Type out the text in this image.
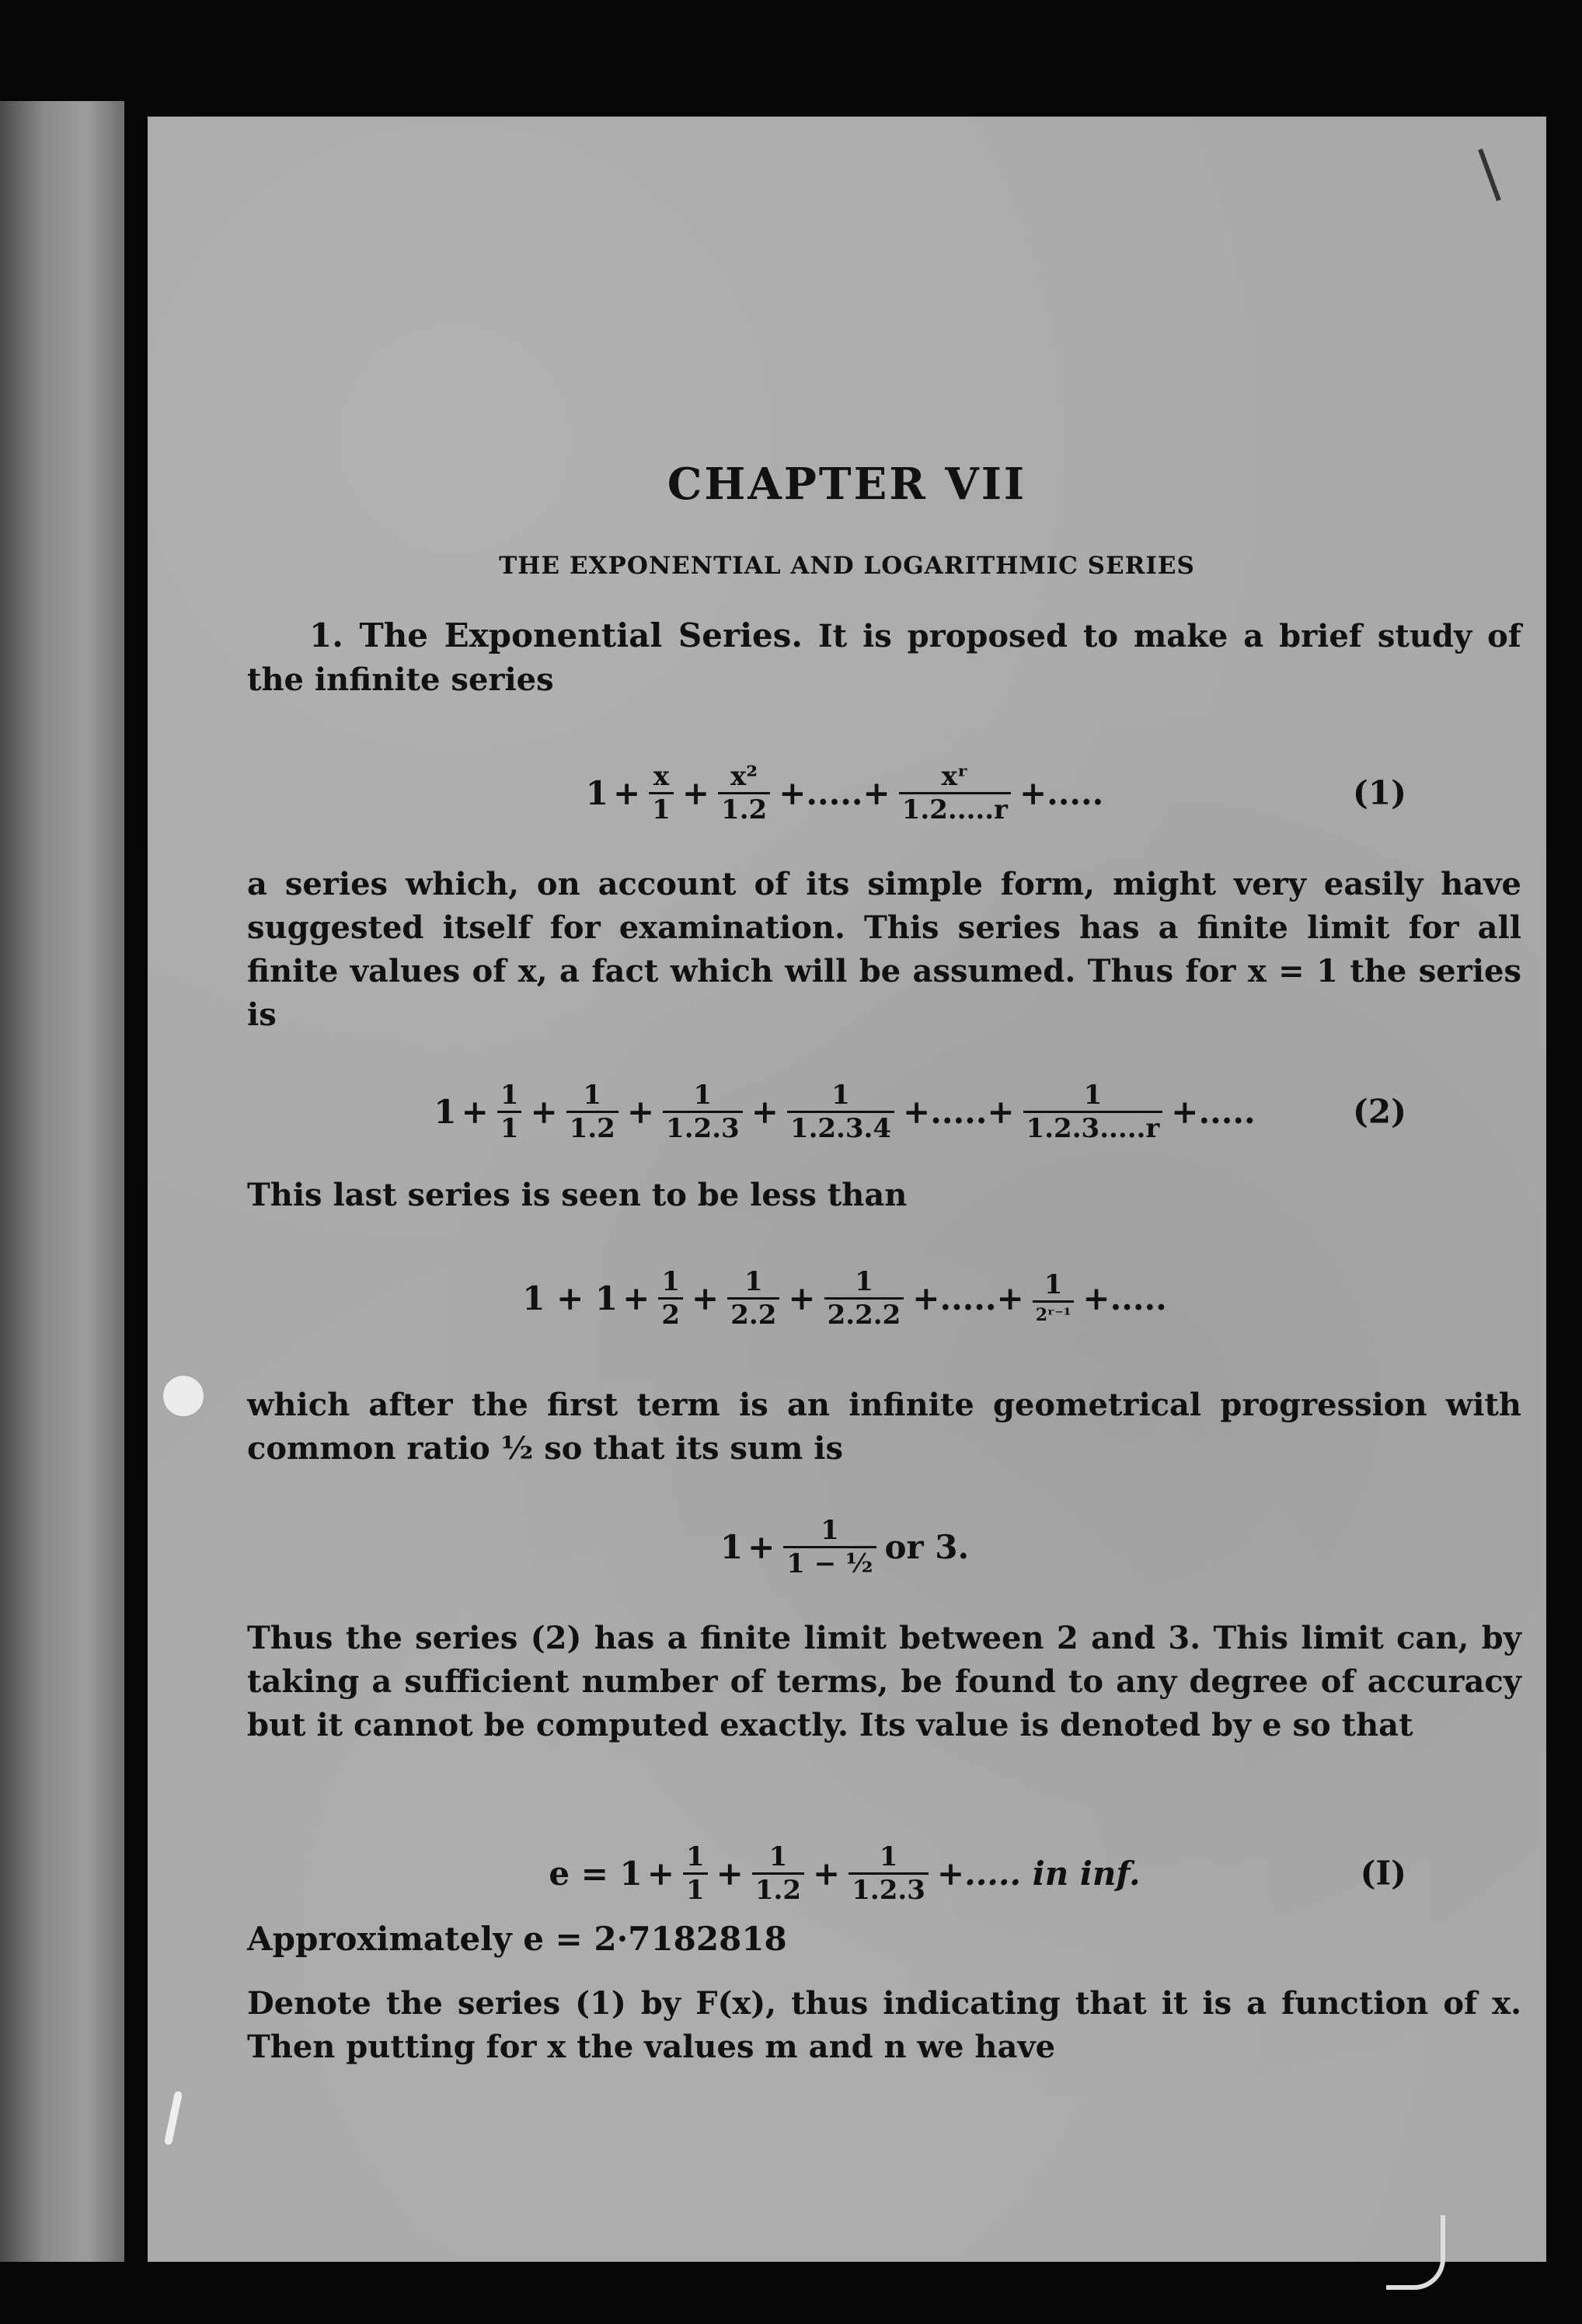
CHAPTER VII
THE EXPONENTIAL AND LOGARITHMIC SERIES
1. The Exponential Series. It is proposed to make a brief study of the infinite series
$1 + \frac{x}{1} + \frac{\text{x²}}{1.2}$ +.....+ $\frac{\text{xʳ}}{1.2.....r}$ +.....	(1)
a series which, on account of its simple form, might very easily have suggested itself for examination. This series has a finite limit for all finite values of x, a fact which will be assumed. Thus for x = 1 the series is
$1 + \frac{1}{1} + \frac{1}{1.2} + \frac{1}{1.2.3} + \frac{1}{1.2.3.4}$ +.....+ $\frac{1}{1.2.3.....r}$ +.....	(2)
This last series is seen to be less than
$1 + 1 + \frac{1}{2} + \frac{1}{2.2} + \frac{1}{2.2.2}$ +.....+ $\frac{1}{\text{2ʳ⁻¹}}$ +.....
which after the first term is an infinite geometrical progression with common ratio ½ so that its sum is
$1 + \frac{1}{\text{1 − ½}}$ or 3.
Thus the series (2) has a finite limit between 2 and 3. This limit can, by taking a sufficient number of terms, be found to any degree of accuracy but it cannot be computed exactly. Its value is denoted by e so that
$e = 1 + \frac{1}{1} + \frac{1}{1.2} + \frac{1}{1.2.3}$ +..... in inf.	(I)
Approximately e = 2·7182818
Denote the series (1) by F(x), thus indicating that it is a function of x. Then putting for x the values m and n we have
